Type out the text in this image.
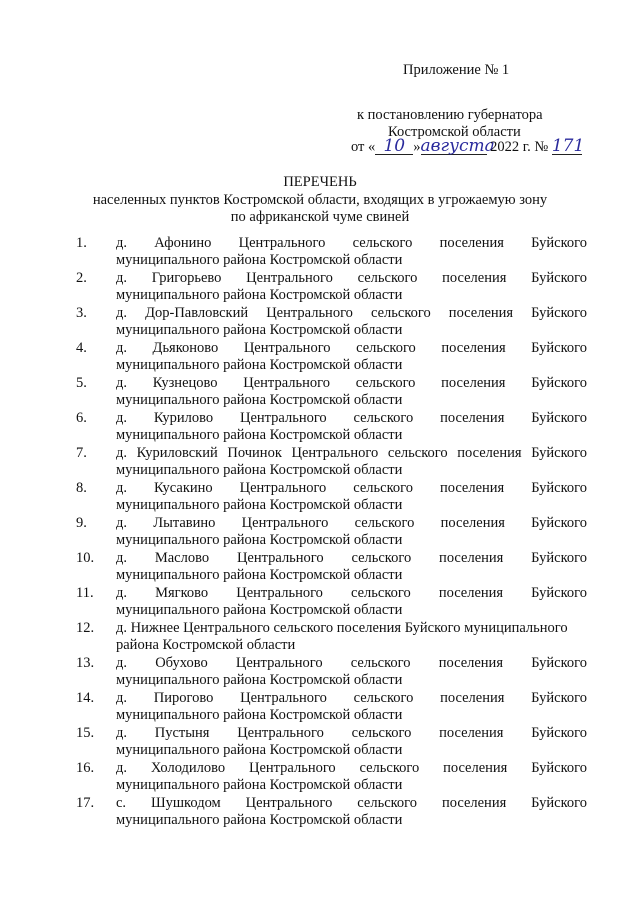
Приложение № 1
к постановлению губернатора
Костромской области
от « 10 »августа 2022 г. № 171
ПЕРЕЧЕНЬ
населенных пунктов Костромской области, входящих в угрожаемую зону
по африканской чуме свиней
1.	д. Афонино Центрального сельского поселения Буйского
муниципального района Костромской области
2.	д. Григорьево Центрального сельского поселения Буйского
муниципального района Костромской области
3.	д. Дор-Павловский Центрального сельского поселения Буйского
муниципального района Костромской области
4.	д. Дьяконово Центрального сельского поселения Буйского
муниципального района Костромской области
5.	д. Кузнецово Центрального сельского поселения Буйского
муниципального района Костромской области
6.	д. Курилово Центрального сельского поселения Буйского
муниципального района Костромской области
7.	д. Куриловский Починок Центрального сельского поселения Буйского
муниципального района Костромской области
8.	д. Кусакино Центрального сельского поселения Буйского
муниципального района Костромской области
9.	д. Лытавино Центрального сельского поселения Буйского
муниципального района Костромской области
10.	д. Маслово Центрального сельского поселения Буйского
муниципального района Костромской области
11.	д. Мягково Центрального сельского поселения Буйского
муниципального района Костромской области
12.	д. Нижнее Центрального сельского поселения Буйского муниципального
района Костромской области
13.	д. Обухово Центрального сельского поселения Буйского
муниципального района Костромской области
14.	д. Пирогово Центрального сельского поселения Буйского
муниципального района Костромской области
15.	д. Пустыня Центрального сельского поселения Буйского
муниципального района Костромской области
16.	д. Холодилово Центрального сельского поселения Буйского
муниципального района Костромской области
17.	с. Шушкодом Центрального сельского поселения Буйского
муниципального района Костромской области
